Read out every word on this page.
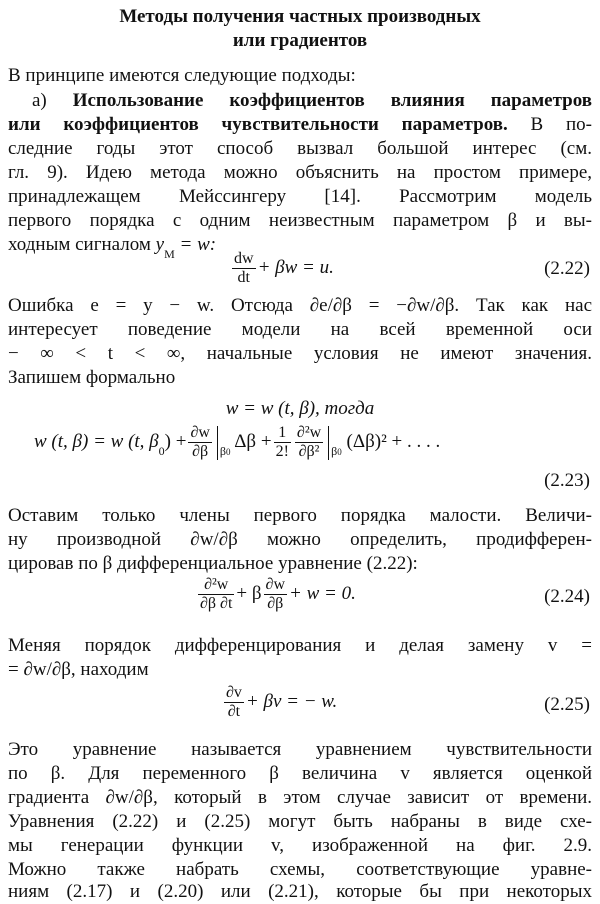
Методы получения частных производных
или градиентов
В принципе имеются следующие подходы:
а) Использование коэффициентов влияния параметров
или коэффициентов чувствительности параметров. В по-
следние годы этот способ вызвал большой интерес (см.
гл. 9). Идею метода можно объяснить на простом примере,
принадлежащем Мейссингеру [14]. Рассмотрим модель
первого порядка с одним неизвестным параметром β и вы-
ходным сигналом $y_M = w$:
$\frac{dw}{dt} + \beta w = u$.	(2.22)
Ошибка e = y − w. Отсюда ∂e/∂β = −∂w/∂β. Так как нас
интересует поведение модели на всей временной оси
− ∞ < t < ∞, начальные условия не имеют значения.
Запишем формально
w = w (t, β), тогда
w (t, β) = w (t, $\beta_0) + \frac{\partial w}{\partial\beta} _{\beta 0}$ $\Delta\beta + \frac{1}{2!} \frac{\text{∂²w}}{\text{∂β²}} _{\beta 0}$ (Δβ)² + . . . .
(2.23)
Оставим только члены первого порядка малости. Величи-
ну производной ∂w/∂β можно определить, продифферен-
цировав по β дифференциальное уравнение (2.22):
$\frac{\text{∂²w}}{\partial\beta \partial t} + \beta \frac{\partial w}{\partial\beta} + w = 0$.	(2.24)
Меняя порядок дифференцирования и делая замену v =
= ∂w/∂β, находим
$\frac{\partial v}{\partial t} + \beta v$ = − w.	(2.25)
Это уравнение называется уравнением чувствительности
по β. Для переменного β величина v является оценкой
градиента ∂w/∂β, который в этом случае зависит от времени.
Уравнения (2.22) и (2.25) могут быть набраны в виде схе-
мы генерации функции v, изображенной на фиг. 2.9.
Можно также набрать схемы, соответствующие уравне-
ниям (2.17) и (2.20) или (2.21), которые бы при некоторых
